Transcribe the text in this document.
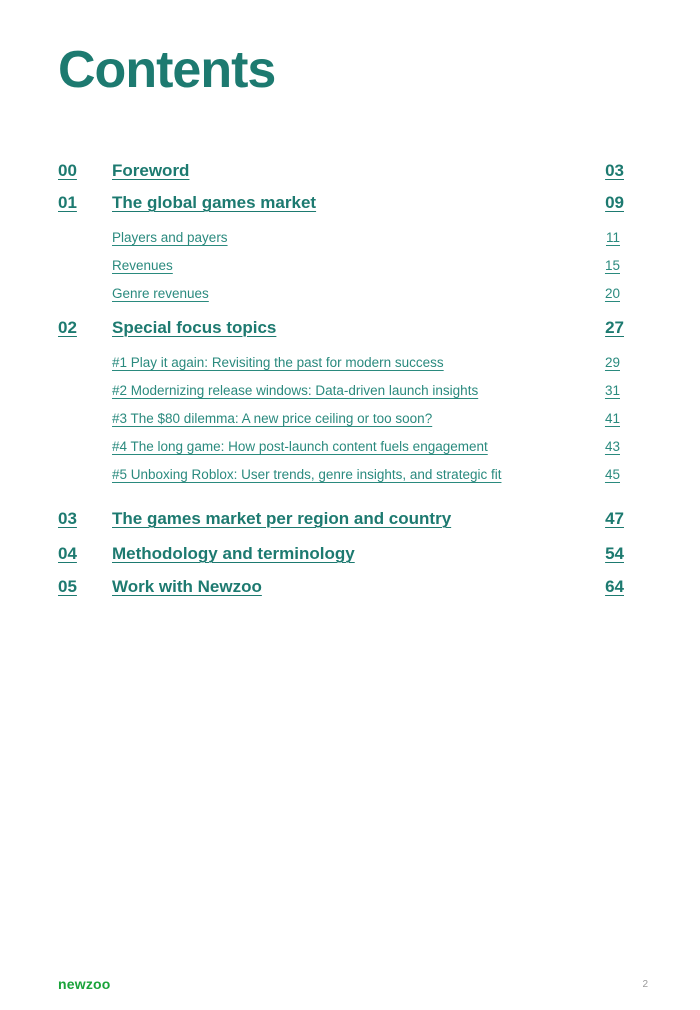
Contents
00 Foreword	03
01 The global games market	09
Players and payers	11
Revenues	15
Genre revenues	20
02 Special focus topics	27
#1 Play it again: Revisiting the past for modern success	29
#2 Modernizing release windows: Data-driven launch insights	31
#3 The $80 dilemma: A new price ceiling or too soon?	41
#4 The long game: How post-launch content fuels engagement	43
#5 Unboxing Roblox: User trends, genre insights, and strategic fit	45
03 The games market per region and country	47
04 Methodology and terminology	54
05 Work with Newzoo	64
newzoo	2
